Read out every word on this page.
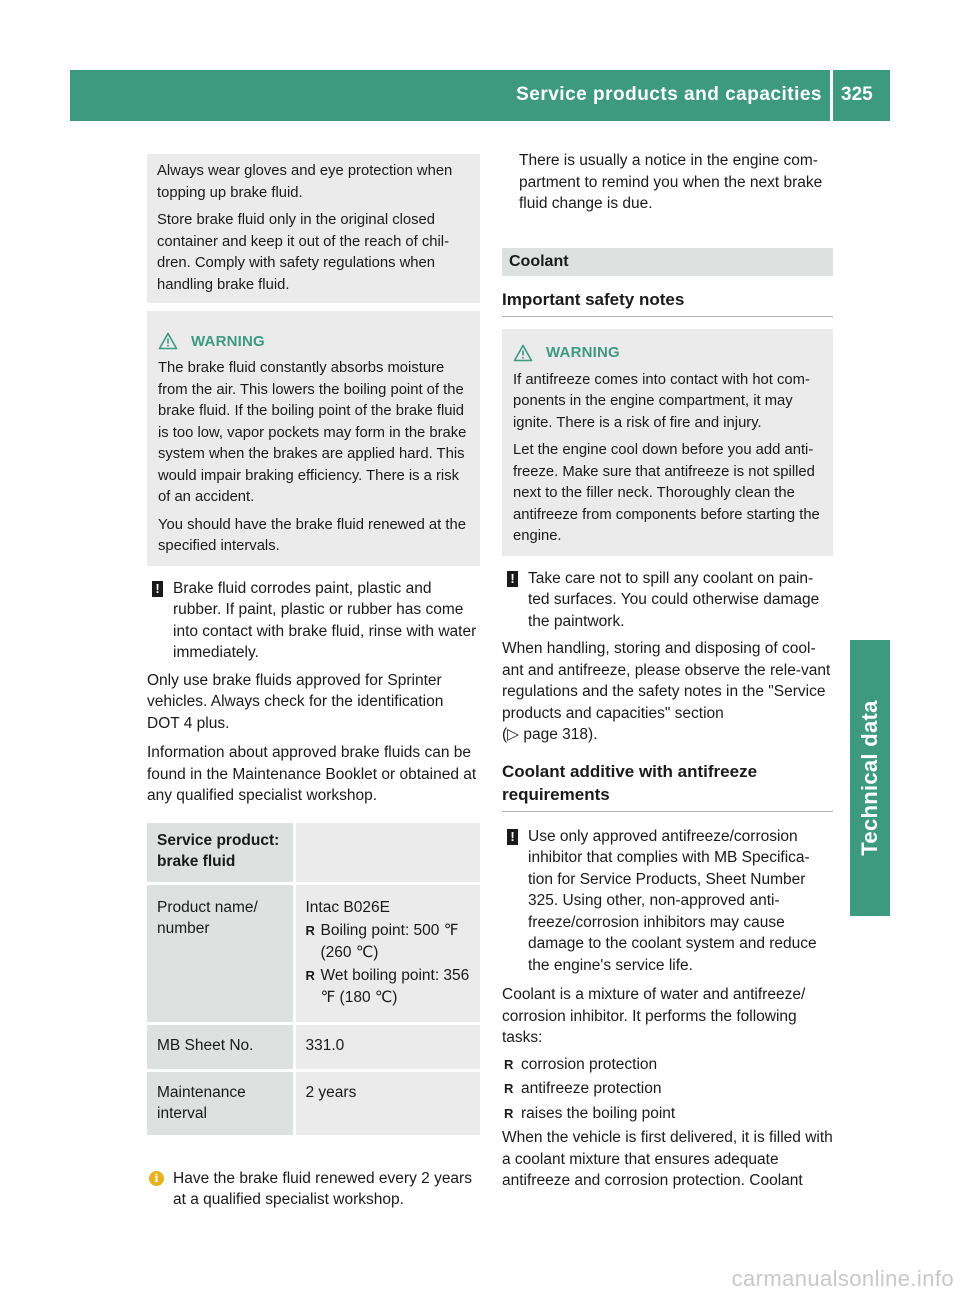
Service products and capacities 325
Technical data

Always wear gloves and eye protection when topping up brake fluid.

Store brake fluid only in the original closed container and keep it out of the reach of chil-dren. Comply with safety regulations when handling brake fluid.

WARNING

The brake fluid constantly absorbs moisture from the air. This lowers the boiling point of the brake fluid. If the boiling point of the brake fluid is too low, vapor pockets may form in the brake system when the brakes are applied hard. This would impair braking efficiency. There is a risk of an accident.

You should have the brake fluid renewed at the specified intervals.

! Brake fluid corrodes paint, plastic and rubber. If paint, plastic or rubber has come into contact with brake fluid, rinse with water immediately.

Only use brake fluids approved for Sprinter vehicles. Always check for the identification DOT 4 plus.

Information about approved brake fluids can be found in the Maintenance Booklet or obtained at any qualified specialist workshop.

Service product: brake fluid	
Product name/ number	Intac B026E
R Boiling point: 500 ℉ (260 ℃)
R Wet boiling point: 356 ℉ (180 ℃)

MB Sheet No.	331.0
Maintenance interval	2 years
i Have the brake fluid renewed every 2 years at a qualified specialist workshop.

There is usually a notice in the engine com-partment to remind you when the next brake fluid change is due.

Coolant
Important safety notes
WARNING

If antifreeze comes into contact with hot com-ponents in the engine compartment, it may ignite. There is a risk of fire and injury.

Let the engine cool down before you add anti-freeze. Make sure that antifreeze is not spilled next to the filler neck. Thoroughly clean the antifreeze from components before starting the engine.

! Take care not to spill any coolant on pain-ted surfaces. You could otherwise damage the paintwork.

When handling, storing and disposing of cool-ant and antifreeze, please observe the rele-vant regulations and the safety notes in the "Service products and capacities" section
(▷ page 318).

Coolant additive with antifreeze requirements
! Use only approved antifreeze/corrosion inhibitor that complies with MB Specifica-tion for Service Products, Sheet Number 325. Using other, non-approved anti-freeze/corrosion inhibitors may cause damage to the coolant system and reduce the engine's service life.

Coolant is a mixture of water and antifreeze/ corrosion inhibitor. It performs the following tasks:

R corrosion protection
R antifreeze protection
R raises the boiling point

When the vehicle is first delivered, it is filled with a coolant mixture that ensures adequate antifreeze and corrosion protection. Coolant

carmanualsonline.info
